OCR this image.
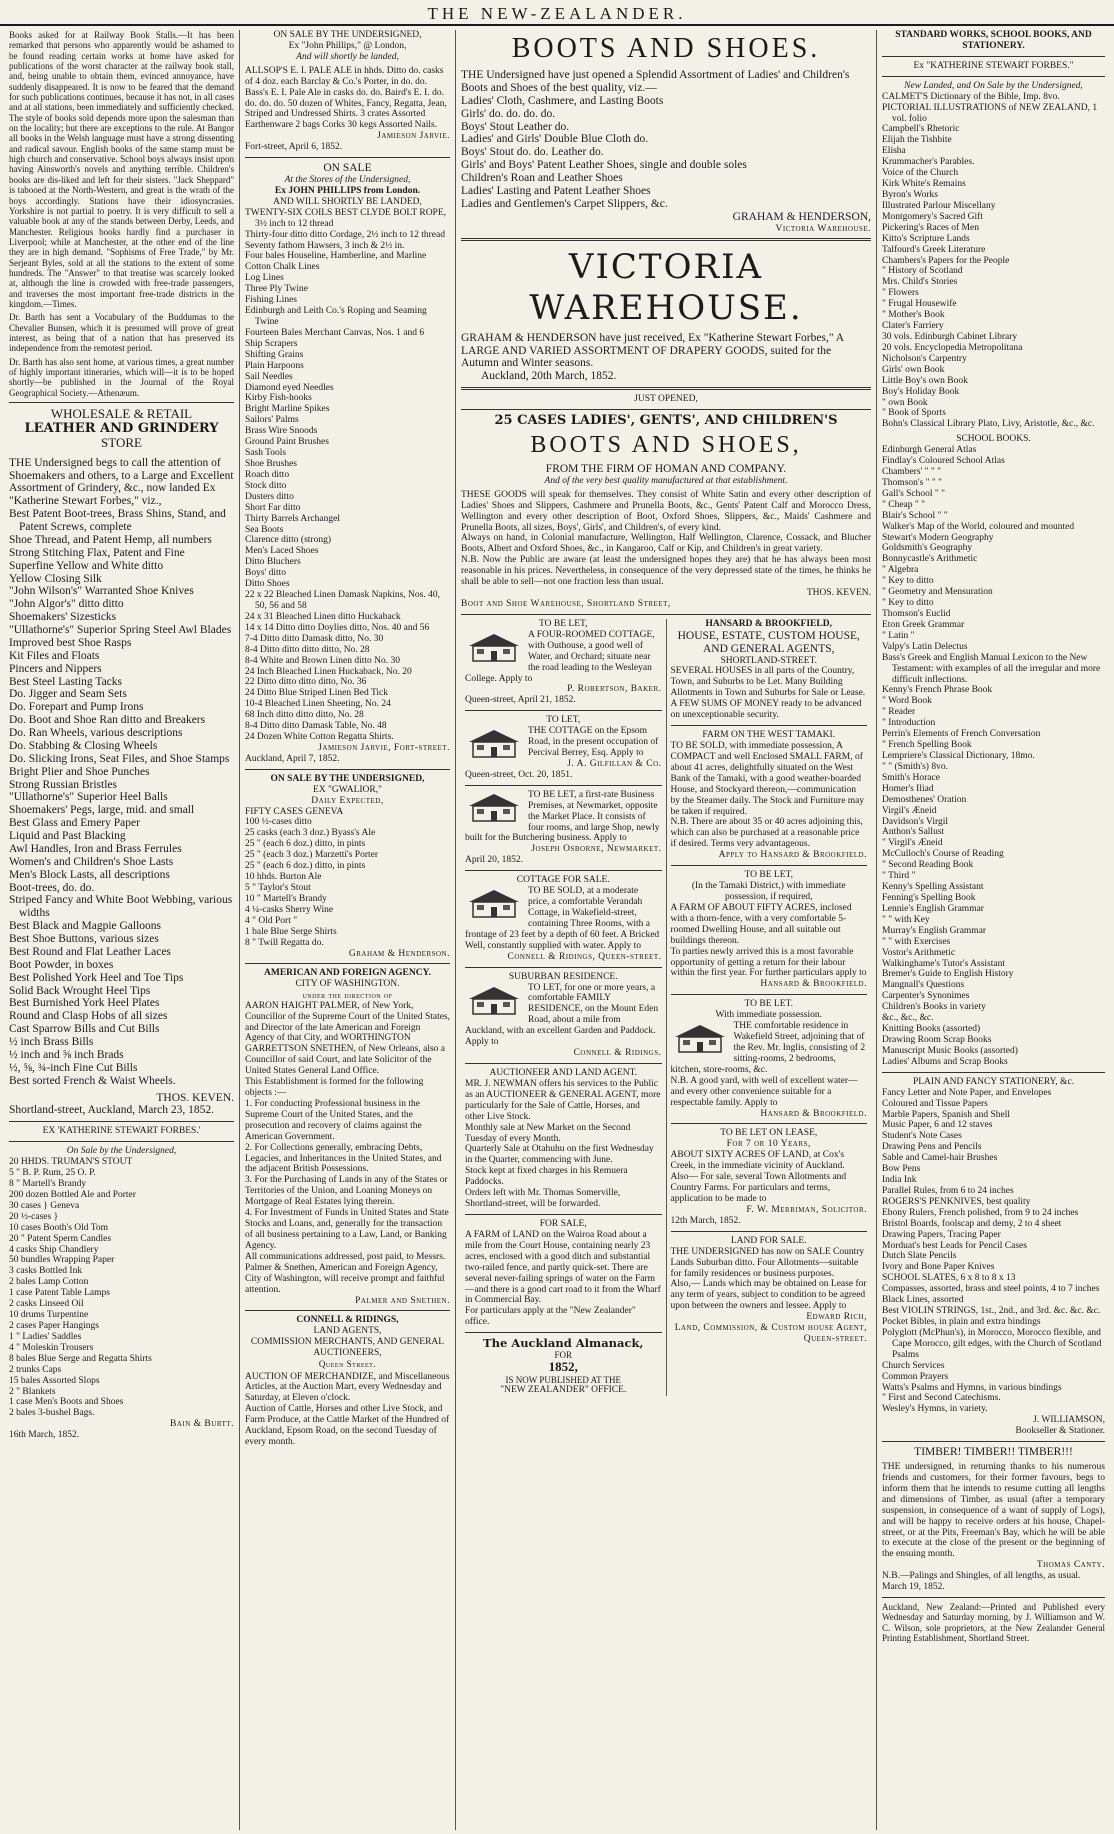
THE NEW-ZEALANDER.

Books asked for at Railway Book Stalls.—It has been remarked that persons who apparently would be ashamed to be found reading certain works at home have asked for publications of the worst character at the railway book stall, and, being unable to obtain them, evinced annoyance, have suddenly disappeared. It is now to be feared that the demand for such publications continues, because it has not, in all cases and at all stations, been immediately and sufficiently checked. The style of books sold depends more upon the salesman than on the locality; but there are exceptions to the rule. At Bangor all books in the Welsh language must have a strong dissenting and radical savour. English books of the same stamp must be high church and conservative. School boys always insist upon having Ainsworth's novels and anything terrible. Children's books are dis-liked and left for their sisters. "Jack Sheppard" is tabooed at the North-Western, and great is the wrath of the boys accordingly. Stations have their idiosyncrasies. Yorkshire is not partial to poetry. It is very difficult to sell a valuable book at any of the stands between Derby, Leeds, and Manchester. Religious books hardly find a purchaser in Liverpool; while at Manchester, at the other end of the line they are in high demand. "Sophisms of Free Trade," by Mr. Serjeant Byles, sold at all the stations to the extent of some hundreds. The "Answer" to that treatise was scarcely looked at, although the line is crowded with free-trade passengers, and traverses the most important free-trade districts in the kingdom.—Times.

Dr. Barth has sent a Vocabulary of the Buddumas to the Chevalier Bunsen, which it is presumed will prove of great interest, as being that of a nation that has preserved its independence from the remotest period.

Dr. Barth has also sent home, at various times, a great number of highly important itineraries, which will—it is to be hoped shortly—be published in the Journal of the Royal Geographical Society.—Athenæum.

WHOLESALE & RETAIL
LEATHER AND GRINDERY
STORE

THE Undersigned begs to call the attention of Shoemakers and others, to a Large and Excellent Assortment of Grindery, &c., now landed Ex "Katherine Stewart Forbes," viz.,

Best Patent Boot-trees, Brass Shins, Stand, and Patent Screws, complete
Shoe Thread, and Patent Hemp, all numbers
Strong Stitching Flax, Patent and Fine
Superfine Yellow and White ditto
Yellow Closing Silk
"John Wilson's" Warranted Shoe Knives
"John Algor's" ditto ditto
Shoemakers' Sizesticks
"Ullathorne's" Superior Spring Steel Awl Blades
Improved best Shoe Rasps
Kit Files and Floats
Pincers and Nippers
Best Steel Lasting Tacks
Do. Jigger and Seam Sets
Do. Forepart and Pump Irons
Do. Boot and Shoe Ran ditto and Breakers
Do. Ran Wheels, various descriptions
Do. Stabbing & Closing Wheels
Do. Slicking Irons, Seat Files, and Shoe Stamps
Bright Plier and Shoe Punches
Strong Russian Bristles
"Ullathorne's" Superior Heel Balls
Shoemakers' Pegs, large, mid. and small
Best Glass and Emery Paper
Liquid and Past Blacking
Awl Handles, Iron and Brass Ferrules
Women's and Children's Shoe Lasts
Men's Block Lasts, all descriptions
Boot-trees, do. do.
Striped Fancy and White Boot Webbing, various widths
Best Black and Magpie Galloons
Best Shoe Buttons, various sizes
Best Round and Flat Leather Laces
Boot Powder, in boxes
Best Polished York Heel and Toe Tips
Solid Back Wrought Heel Tips
Best Burnished York Heel Plates
Round and Clasp Hobs of all sizes
Cast Sparrow Bills and Cut Bills
½ inch Brass Bills
½ inch and ⅝ inch Brads
½, ⅝, ¾-inch Fine Cut Bills
Best sorted French & Waist Wheels.
THOS. KEVEN.
Shortland-street, Auckland, March 23, 1852.
EX 'KATHERINE STEWART FORBES.'
On Sale by the Undersigned,
20 HHDS. TRUMAN'S STOUT
5 " B. P. Rum, 25 O. P.
8 " Martell's Brandy
200 dozen Bottled Ale and Porter
30 cases } Geneva
20 ½-cases }
10 cases Booth's Old Tom
20 " Patent Sperm Candles
4 casks Ship Chandlery
50 bundles Wrapping Paper
3 casks Bottled Ink
2 bales Lamp Cotton
1 case Patent Table Lamps
2 casks Linseed Oil
10 drums Turpentine
2 cases Paper Hangings
1 " Ladies' Saddles
4 " Moleskin Trousers
8 bales Blue Serge and Regatta Shirts
2 trunks Caps
15 bales Assorted Slops
2 " Blankets
1 case Men's Boots and Shoes
2 bales 3-bushel Bags.
Bain & Burtt.
16th March, 1852.
ON SALE BY THE UNDERSIGNED,
Ex "John Phillips," @ London,
And will shortly be landed,

ALLSOP'S E. I. PALE ALE in hhds. Ditto do. casks of 4 doz. each Barclay & Co.'s Porter, in do. do. Bass's E. I. Pale Ale in casks do. do. Baird's E. I. do. do. do. do. 50 dozen of Whites, Fancy, Regatta, Jean, Striped and Undressed Shirts. 3 crates Assorted Earthenware 2 bags Corks 30 kegs Assorted Nails.

Jamieson Jarvie.
Fort-street, April 6, 1852.
ON SALE
At the Stores of the Undersigned,
Ex JOHN PHILLIPS from London.
AND WILL SHORTLY BE LANDED,
TWENTY-SIX COILS BEST CLYDE BOLT ROPE, 3½ inch to 12 thread
Thirty-four ditto ditto Cordage, 2½ inch to 12 thread
Seventy fathom Hawsers, 3 inch & 2½ in.
Four bales Houseline, Hamberline, and Marline
Cotton Chalk Lines
Log Lines
Three Ply Twine
Fishing Lines
Edinburgh and Leith Co.'s Roping and Seaming Twine
Fourteen Bales Merchant Canvas, Nos. 1 and 6
Ship Scrapers
Shifting Grains
Plain Harpoons
Sail Needles
Diamond eyed Needles
Kirby Fish-hooks
Bright Marline Spikes
Sailors' Palms
Brass Wire Snoods
Ground Paint Brushes
Sash Tools
Shoe Brushes
Roach ditto
Stock ditto
Dusters ditto
Short Far ditto
Thirty Barrels Archangel
Sea Boots
Clarence ditto (strong)
Men's Laced Shoes
Ditto Bluchers
Boys' ditto
Ditto Shoes
22 x 22 Bleached Linen Damask Napkins, Nos. 40, 50, 56 and 58
24 x 31 Bleached Linen ditto Huckaback
14 x 14 Ditto ditto Doylies ditto, Nos. 40 and 56
7-4 Ditto ditto Damask ditto, No. 30
8-4 Ditto ditto ditto ditto, No. 28
8-4 White and Brown Linen ditto No. 30
24 Inch Bleached Linen Huckaback, No. 20
22 Ditto ditto ditto ditto, No. 36
24 Ditto Blue Striped Linen Bed Tick
10-4 Bleached Linen Sheeting, No. 24
68 Inch ditto ditto ditto, No. 28
8-4 Ditto ditto Damask Table, No. 48
24 Dozen White Cotton Regatta Shirts.
Jamieson Jarvie, Fort-street.
Auckland, April 7, 1852.
ON SALE BY THE UNDERSIGNED,
EX "GWALIOR,"
Daily Expected,
FIFTY CASES GENEVA
100 ½-cases ditto
25 casks (each 3 doz.) Byass's Ale
25 " (each 6 doz.) ditto, in pints
25 " (each 3 doz.) Marzetti's Porter
25 " (each 6 doz.) ditto, in pints
10 hhds. Burton Ale
5 " Taylor's Stout
10 " Martell's Brandy
4 ¼-casks Sherry Wine
4 " Old Port "
1 bale Blue Serge Shirts
8 " Twill Regatta do.
Graham & Henderson.
AMERICAN AND FOREIGN AGENCY.
CITY OF WASHINGTON.
under the direction of

AARON HAIGHT PALMER, of New York, Councillor of the Supreme Court of the United States, and Director of the late American and Foreign Agency of that City, and WORTHINGTON GARRETTSON SNETHEN, of New Orleans, also a Councillor of said Court, and late Solicitor of the United States General Land Office.

This Establishment is formed for the following objects :—

1. For conducting Professional business in the Supreme Court of the United States, and the prosecution and recovery of claims against the American Government.

2. For Collections generally, embracing Debts, Legacies, and Inheritances in the United States, and the adjacent British Possessions.

3. For the Purchasing of Lands in any of the States or Territories of the Union, and Loaning Moneys on Mortgage of Real Estates lying therein.

4. For Investment of Funds in United States and State Stocks and Loans, and, generally for the transaction of all business pertaining to a Law, Land, or Banking Agency.

All communications addressed, post paid, to Messrs. Palmer & Snethen, American and Foreign Agency, City of Washington, will receive prompt and faithful attention.

Palmer and Snethen.
CONNELL & RIDINGS,
LAND AGENTS,
COMMISSION MERCHANTS, AND GENERAL AUCTIONEERS,
Queen Street.

AUCTION OF MERCHANDIZE, and Miscellaneous Articles, at the Auction Mart, every Wednesday and Saturday, at Eleven o'clock.

Auction of Cattle, Horses and other Live Stock, and Farm Produce, at the Cattle Market of the Hundred of Auckland, Epsom Road, on the second Tuesday of every month.

BOOTS AND SHOES.

THE Undersigned have just opened a Splendid Assortment of Ladies' and Children's Boots and Shoes of the best quality, viz.—

Ladies' Cloth, Cashmere, and Lasting Boots
Girls' do. do. do. do.
Boys' Stout Leather do.
Ladies' and Girls' Double Blue Cloth do.
Boys' Stout do. do. Leather do.
Girls' and Boys' Patent Leather Shoes, single and double soles
Children's Roan and Leather Shoes
Ladies' Lasting and Patent Leather Shoes
Ladies and Gentlemen's Carpet Slippers, &c.
GRAHAM & HENDERSON,
Victoria Warehouse.
VICTORIA WAREHOUSE.

GRAHAM & HENDERSON have just received, Ex "Katherine Stewart Forbes," A LARGE AND VARIED ASSORTMENT OF DRAPERY GOODS, suited for the Autumn and Winter seasons.

Auckland, 20th March, 1852.
JUST OPENED,
25 CASES LADIES', GENTS', AND CHILDREN'S
BOOTS AND SHOES,
FROM THE FIRM OF HOMAN AND COMPANY.
And of the very best quality manufactured at that establishment.

THESE GOODS will speak for themselves. They consist of White Satin and every other description of Ladies' Shoes and Slippers, Cashmere and Prunella Boots, &c., Gents' Patent Calf and Morocco Dress, Wellington and every other description of Boot, Oxford Shoes, Slippers, &c., Maids' Cashmere and Prunella Boots, all sizes, Boys', Girls', and Children's, of every kind.

Always on hand, in Colonial manufacture, Wellington, Half Wellington, Clarence, Cossack, and Blucher Boots, Albert and Oxford Shoes, &c., in Kangaroo, Calf or Kip, and Children's in great variety.

N.B. Now the Public are aware (at least the undersigned hopes they are) that he has always been most reasonable in his prices. Nevertheless, in consequence of the very depressed state of the times, he thinks he shall be able to sell—not one fraction less than usual.

THOS. KEVEN.
Boot and Shoe Warehouse, Shortland Street,
TO BE LET,

A FOUR-ROOMED COTTAGE, with Outhouse, a good well of Water, and Orchard; situate near the road leading to the Wesleyan College. Apply to

P. Robertson, Baker.
Queen-street, April 21, 1852.
TO LET,

THE COTTAGE on the Epsom Road, in the present occupation of Percival Berrey, Esq. Apply to

J. A. Gilfillan & Co.
Queen-street, Oct. 20, 1851.

TO BE LET, a first-rate Business Premises, at Newmarket, opposite the Market Place. It consists of four rooms, and large Shop, newly built for the Butchering business. Apply to

Joseph Osborne, Newmarket.
April 20, 1852.
COTTAGE FOR SALE.

TO BE SOLD, at a moderate price, a comfortable Verandah Cottage, in Wakefield-street, containing Three Rooms, with a frontage of 23 feet by a depth of 60 feet. A Bricked Well, constantly supplied with water. Apply to

Connell & Ridings, Queen-street.
SUBURBAN RESIDENCE.

TO LET, for one or more years, a comfortable FAMILY RESIDENCE, on the Mount Eden Road, about a mile from Auckland, with an excellent Garden and Paddock. Apply to

Connell & Ridings.
AUCTIONEER AND LAND AGENT.

MR. J. NEWMAN offers his services to the Public as an AUCTIONEER & GENERAL AGENT, more particularly for the Sale of Cattle, Horses, and other Live Stock.

Monthly sale at New Market on the Second Tuesday of every Month.

Quarterly Sale at Otahuhu on the first Wednesday in the Quarter, commencing with June.

Stock kept at fixed charges in his Remuera Paddocks.

Orders left with Mr. Thomas Somerville, Shortland-street, will be forwarded.

FOR SALE,

A FARM of LAND on the Wairoa Road about a mile from the Court House, containing nearly 23 acres, enclosed with a good ditch and substantial two-railed fence, and partly quick-set. There are several never-failing springs of water on the Farm—and there is a good cart road to it from the Wharf in Commercial Bay.

For particulars apply at the "New Zealander" office.

The Auckland Almanack,
FOR
1852,
IS NOW PUBLISHED AT THE
"NEW ZEALANDER" OFFICE.
HANSARD & BROOKFIELD,
HOUSE, ESTATE, CUSTOM HOUSE, AND GENERAL AGENTS,
SHORTLAND-STREET.

SEVERAL HOUSES in all parts of the Country, Town, and Suburbs to be Let. Many Building Allotments in Town and Suburbs for Sale or Lease.

A FEW SUMS OF MONEY ready to be advanced on unexceptionable security.

FARM ON THE WEST TAMAKI.

TO BE SOLD, with immediate possession, A COMPACT and well Enclosed SMALL FARM, of about 41 acres, delightfully situated on the West Bank of the Tamaki, with a good weather-boarded House, and Stockyard thereon,—communication by the Steamer daily. The Stock and Furniture may be taken if required.

N.B. There are about 35 or 40 acres adjoining this, which can also be purchased at a reasonable price if desired. Terms very advantageous.

Apply to Hansard & Brookfield.
TO BE LET,
(In the Tamaki District,) with immediate possession, if required,

A FARM OF ABOUT FIFTY ACRES, inclosed with a thorn-fence, with a very comfortable 5-roomed Dwelling House, and all suitable out buildings thereon.

To parties newly arrived this is a most favorable opportunity of getting a return for their labour within the first year. For further particulars apply to

Hansard & Brookfield.
TO BE LET.
With immediate possession.

THE comfortable residence in Wakefield Street, adjoining that of the Rev. Mr. Inglis, consisting of 2 sitting-rooms, 2 bedrooms, kitchen, store-rooms, &c.

N.B. A good yard, with well of excellent water—and every other convenience suitable for a respectable family. Apply to

Hansard & Brookfield.
TO BE LET ON LEASE,
For 7 or 10 Years,

ABOUT SIXTY ACRES OF LAND, at Cox's Creek, in the immediate vicinity of Auckland.

Also— For sale, several Town Allotments and Country Farms. For particulars and terms, application to be made to

F. W. Merriman, Solicitor.
12th March, 1852.
LAND FOR SALE.

THE UNDERSIGNED has now on SALE Country Lands Suburban ditto. Four Allotments—suitable for family residences or business purposes.

Also,— Lands which may be obtained on Lease for any term of years, subject to condition to be agreed upon between the owners and lessee. Apply to

Edward Rich,
Land, Commission, & Custom house Agent, Queen-street.
STANDARD WORKS, SCHOOL BOOKS, AND STATIONERY.
Ex "KATHERINE STEWART FORBES."
New Landed, and On Sale by the Undersigned,
CALMET'S Dictionary of the Bible, Imp. 8vo.
PICTORIAL ILLUSTRATIONS of NEW ZEALAND, 1 vol. folio
Campbell's Rhetoric
Elijah the Tishbite
Elisha
Krummacher's Parables.
Voice of the Church
Kirk White's Remains
Byron's Works
Illustrated Parlour Miscellany
Montgomery's Sacred Gift
Pickering's Races of Men
Kitto's Scripture Lands
Talfourd's Greek Literature
Chambers's Papers for the People
" History of Scotland
Mrs. Child's Stories
" Flowers
" Frugal Housewife
" Mother's Book
Clater's Farriery
30 vols. Edinburgh Cabinet Library
20 vols. Encyclopedia Metropolitana
Nicholson's Carpentry
Girls' own Book
Little Boy's own Book
Boy's Holiday Book
" own Book
" Book of Sports
Bohn's Classical Library Plato, Livy, Aristotle, &c., &c.
SCHOOL BOOKS.
Edinburgh General Atlas
Findlay's Coloured School Atlas
Chambers' " " "
Thomson's " " "
Gall's School " "
" Cheap " "
Blair's School " "
Walker's Map of the World, coloured and mounted
Stewart's Modern Geography
Goldsmith's Geography
Bonnycastle's Arithmetic
" Algebra
" Key to ditto
" Geometry and Mensuration
" Key to ditto
Thomson's Euclid
Eton Greek Grammar
" Latin "
Valpy's Latin Delectus
Bass's Greek and English Manual Lexicon to the New Testament: with examples of all the irregular and more difficult inflections.
Kenny's French Phrase Book
" Word Book
" Reader
" Introduction
Perrin's Elements of French Conversation
" French Spelling Book
Lempriere's Classical Dictionary, 18mo.
" " (Smith's) 8vo.
Smith's Horace
Homer's Iliad
Demosthenes' Oration
Virgil's Æneid
Davidson's Virgil
Anthon's Sallust
" Virgil's Æneid
McCulloch's Course of Reading
" Second Reading Book
" Third "
Kenny's Spelling Assistant
Fenning's Spelling Book
Lennie's English Grammar
" " with Key
Murray's English Grammar
" " with Exercises
Vostor's Arithmetic
Walkinghame's Tutor's Assistant
Bremer's Guide to English History
Mangnall's Questions
Carpenter's Synonimes
Children's Books in variety
&c., &c., &c.
Knitting Books (assorted)
Drawing Room Scrap Books
Manuscript Music Books (assorted)
Ladies' Albums and Scrap Books
PLAIN AND FANCY STATIONERY, &c.
Fancy Letter and Note Paper, and Envelopes
Coloured and Tissue Papers
Marble Papers, Spanish and Shell
Music Paper, 6 and 12 staves
Student's Note Cases
Drawing Pens and Pencils
Sable and Camel-hair Brushes
Bow Pens
India Ink
Parallel Rules, from 6 to 24 inches
ROGERS'S PENKNIVES, best quality
Ebony Rulers, French polished, from 9 to 24 inches
Bristol Boards, foolscap and demy, 2 to 4 sheet
Drawing Papers, Tracing Paper
Morduat's best Leads for Pencil Cases
Dutch Slate Pencils
Ivory and Bone Paper Knives
SCHOOL SLATES, 6 x 8 to 8 x 13
Compasses, assorted, brass and steel points, 4 to 7 inches
Black Lines, assorted
Best VIOLIN STRINGS, 1st., 2nd., and 3rd. &c. &c. &c.
Pocket Bibles, in plain and extra bindings
Polyglott (McPhun's), in Morocco, Morocco flexible, and Cape Morocco, gilt edges, with the Church of Scotland Psalms
Church Services
Common Prayers
Watts's Psalms and Hymns, in various bindings
" First and Second Catechisms.
Wesley's Hymns, in variety.
J. WILLIAMSON,
Bookseller & Stationer.
TIMBER! TIMBER!! TIMBER!!!

THE undersigned, in returning thanks to his numerous friends and customers, for their former favours, begs to inform them that he intends to resume cutting all lengths and dimensions of Timber, as usual (after a temporary suspension, in consequence of a want of supply of Logs), and will be happy to receive orders at his house, Chapel-street, or at the Pits, Freeman's Bay, which he will be able to execute at the close of the present or the beginning of the ensuing month.

Thomas Canty.

N.B.—Palings and Shingles, of all lengths, as usual.

March 19, 1852.

Auckland, New Zealand:—Printed and Published every Wednesday and Saturday morning, by J. Williamson and W. C. Wilson, sole proprietors, at the New Zealander General Printing Establishment, Shortland Street.
